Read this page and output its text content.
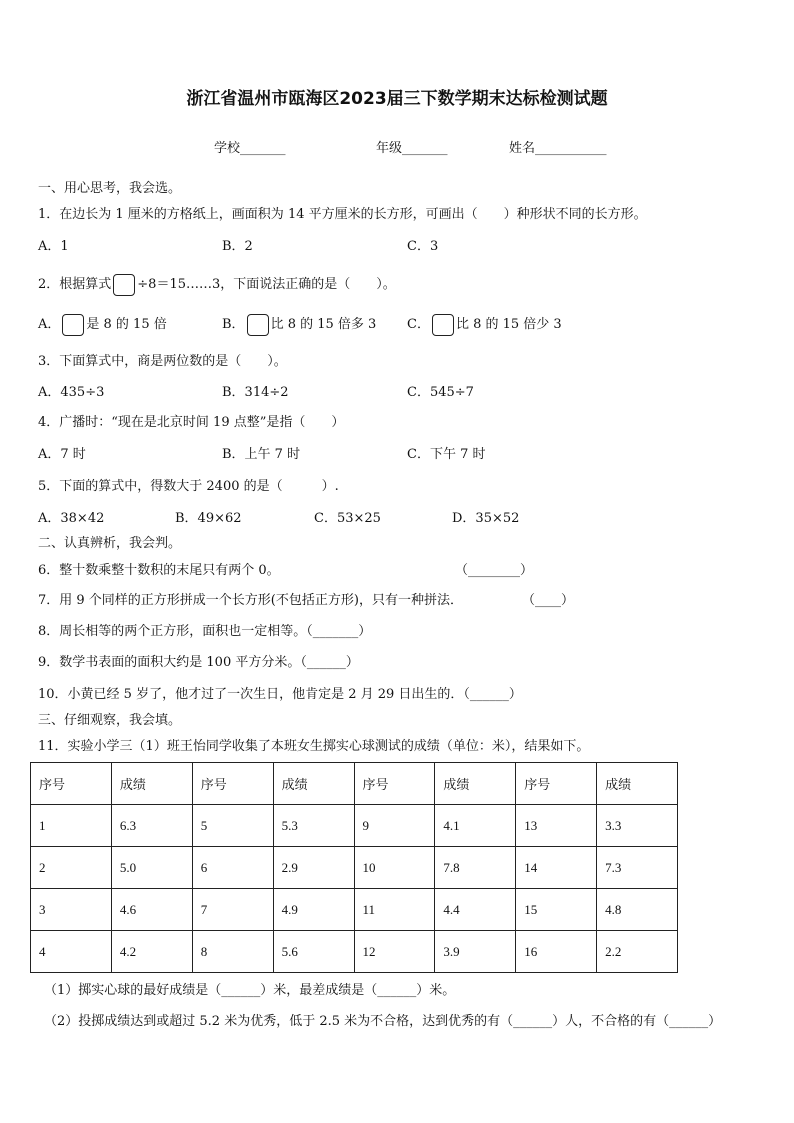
浙江省温州市瓯海区2023届三下数学期末达标检测试题
学校_______	年级_______	姓名___________
一、用心思考，我会选。
1．在边长为 1 厘米的方格纸上，画面积为 14 平方厘米的长方形，可画出（　　）种形状不同的长方形。
A．1	B．2	C．3
2．根据算式 ÷8＝15……3，下面说法正确的是（　　）。
A． 是 8 的 15 倍	B． 比 8 的 15 倍多 3 C． 比 8 的 15 倍少 3
3．下面算式中，商是两位数的是（　　）。
A．435÷3	B．314÷2	C．545÷7
4．广播时：“现在是北京时间 19 点整”是指（　　）
A．7 时	B．上午 7 时	C．下午 7 时
5．下面的算式中，得数大于 2400 的是（　　　）.
A．38×42	B．49×62	C．53×25	D．35×52
二、认真辨析，我会判。
6．整十数乘整十数积的末尾只有两个 0。	（________）
7．用 9 个同样的正方形拼成一个长方形(不包括正方形)，只有一种拼法．	（____）
8．周长相等的两个正方形，面积也一定相等。（_______）
9．数学书表面的面积大约是 100 平方分米。（______）
10．小黄已经 5 岁了，他才过了一次生日，他肯定是 2 月 29 日出生的．（______）
三、仔细观察，我会填。
11．实验小学三（1）班王怡同学收集了本班女生掷实心球测试的成绩（单位：米），结果如下。
序号	成绩	序号	成绩	序号	成绩	序号	成绩
1	6.3	5	5.3	9	4.1	13	3.3
2	5.0	6	2.9	10	7.8	14	7.3
3	4.6	7	4.9	11	4.4	15	4.8
4	4.2	8	5.6	12	3.9	16	2.2
（1）掷实心球的最好成绩是（______）米，最差成绩是（______）米。
（2）投掷成绩达到或超过 5.2 米为优秀，低于 2.5 米为不合格，达到优秀的有（______）人，不合格的有（______）
